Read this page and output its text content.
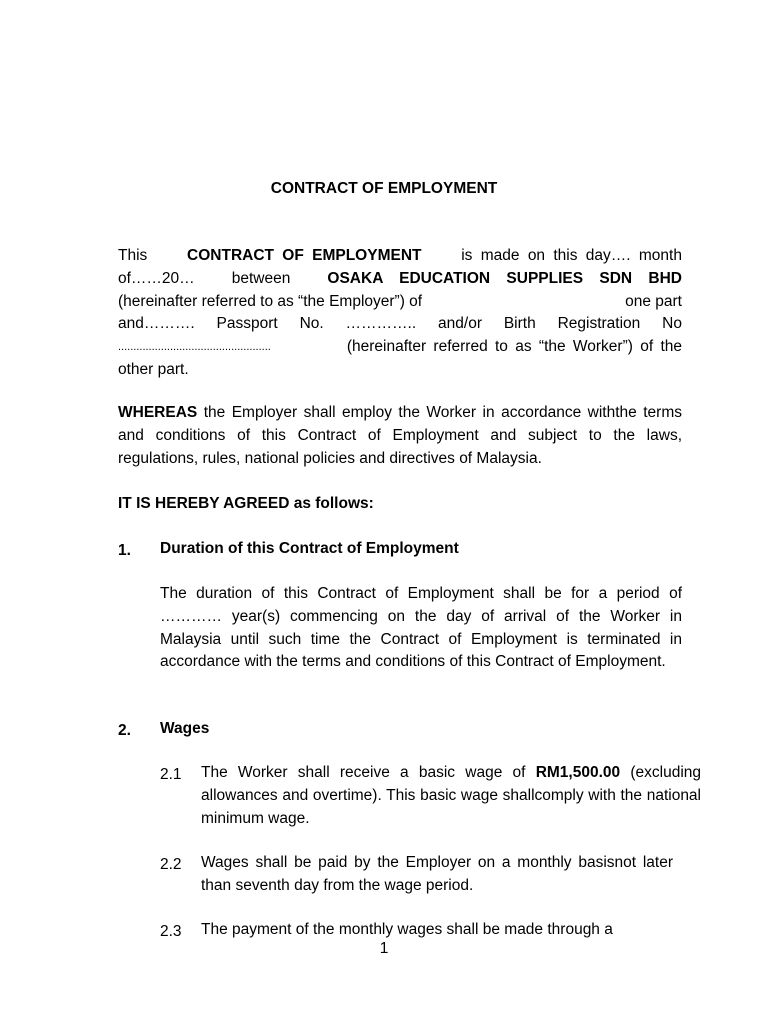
CONTRACT OF EMPLOYMENT
This	CONTRACT OF EMPLOYMENT	is made on this day…. month
of……20… between OSAKA EDUCATION SUPPLIES SDN BHD
(hereinafter referred to as “the Employer”) of	one part
and………. Passport No. ………….. and/or Birth Registration No
..................................................	(hereinafter referred to as “the Worker”) of the
other part.
WHEREAS the Employer shall employ the Worker in accordance withthe terms and conditions of this Contract of Employment and subject to the laws, regulations, rules, national policies and directives of Malaysia.
IT IS HEREBY AGREED as follows:
1. Duration of this Contract of Employment
The duration of this Contract of Employment shall be for a period of ………… year(s) commencing on the day of arrival of the Worker in Malaysia until such time the Contract of Employment is terminated in accordance with the terms and conditions of this Contract of Employment.
2. Wages
2.1 The Worker shall receive a basic wage of RM1,500.00 (excluding allowances and overtime). This basic wage shallcomply with the national minimum wage.
2.2 Wages shall be paid by the Employer on a monthly basisnot later than seventh day from the wage period.
2.3 The payment of the monthly wages shall be made through a
1
